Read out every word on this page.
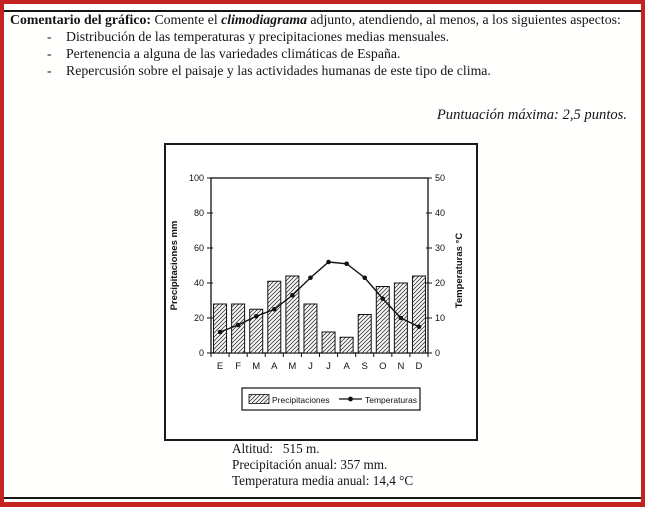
Comentario del gráfico: Comente el climodiagrama adjunto, atendiendo, al menos, a los siguientes aspectos:
-	Distribución de las temperaturas y precipitaciones medias mensuales.
-	Pertenencia a alguna de las variedades climáticas de España.
-	Repercusión sobre el paisaje y las actividades humanas de este tipo de clima.
Puntuación máxima: 2,5 puntos.
0
20
40
60
80
100
0
10
20
30
40
50
E F M A M J J A S O N D
Precipitaciones mm	Temperaturas °C
Precipitaciones	Temperaturas
Altitud:   515 m.
Precipitación anual: 357 mm.
Temperatura media anual: 14,4 °C
